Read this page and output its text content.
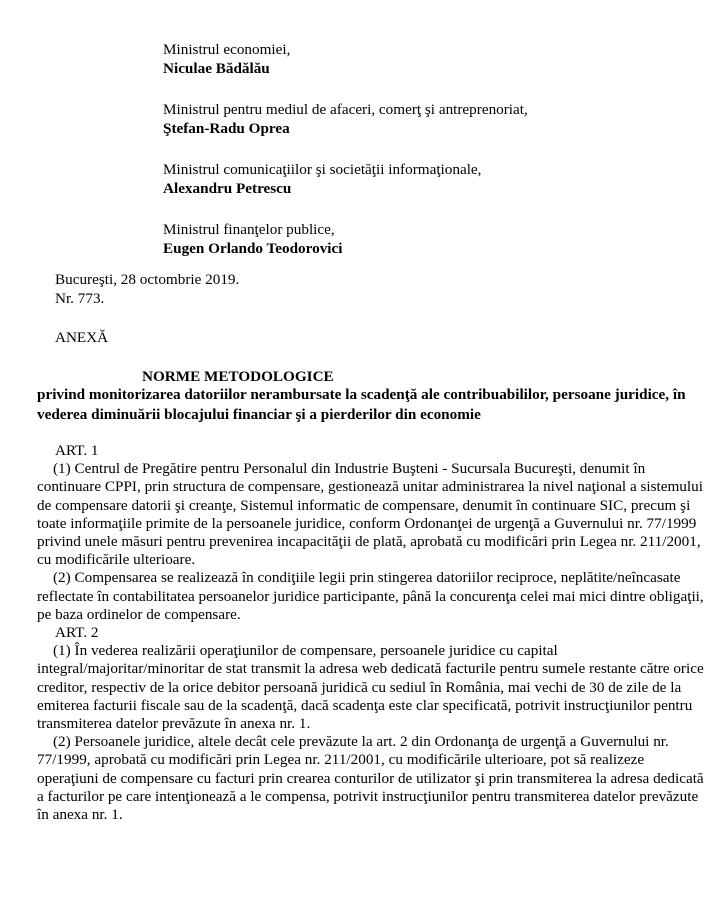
Ministrul economiei,
Niculae Bădălău
Ministrul pentru mediul de afaceri, comerţ şi antreprenoriat,
Ştefan-Radu Oprea
Ministrul comunicaţiilor şi societăţii informaţionale,
Alexandru Petrescu
Ministrul finanţelor publice,
Eugen Orlando Teodorovici
Bucureşti, 28 octombrie 2019.
Nr. 773.
ANEXĂ
NORME METODOLOGICE
privind monitorizarea datoriilor nerambursate la scadenţă ale contribuabililor, persoane juridice, în vederea diminuării blocajului financiar şi a pierderilor din economie

ART. 1

(1) Centrul de Pregătire pentru Personalul din Industrie Buşteni - Sucursala Bucureşti, denumit în continuare CPPI, prin structura de compensare, gestionează unitar administrarea la nivel naţional a sistemului de compensare datorii şi creanţe, Sistemul informatic de compensare, denumit în continuare SIC, precum şi toate informaţiile primite de la persoanele juridice, conform Ordonanţei de urgenţă a Guvernului nr. 77/1999 privind unele măsuri pentru prevenirea incapacităţii de plată, aprobată cu modificări prin Legea nr. 211/2001, cu modificările ulterioare.

(2) Compensarea se realizează în condiţiile legii prin stingerea datoriilor reciproce, neplătite/neîncasate reflectate în contabilitatea persoanelor juridice participante, până la concurenţa celei mai mici dintre obligaţii, pe baza ordinelor de compensare.

ART. 2

(1) În vederea realizării operaţiunilor de compensare, persoanele juridice cu capital integral/majoritar/minoritar de stat transmit la adresa web dedicată facturile pentru sumele restante către orice creditor, respectiv de la orice debitor persoană juridică cu sediul în România, mai vechi de 30 de zile de la emiterea facturii fiscale sau de la scadenţă, dacă scadenţa este clar specificată, potrivit instrucţiunilor pentru transmiterea datelor prevăzute în anexa nr. 1.

(2) Persoanele juridice, altele decât cele prevăzute la art. 2 din Ordonanţa de urgenţă a Guvernului nr. 77/1999, aprobată cu modificări prin Legea nr. 211/2001, cu modificările ulterioare, pot să realizeze operaţiuni de compensare cu facturi prin crearea conturilor de utilizator şi prin transmiterea la adresa dedicată a facturilor pe care intenţionează a le compensa, potrivit instrucţiunilor pentru transmiterea datelor prevăzute în anexa nr. 1.
